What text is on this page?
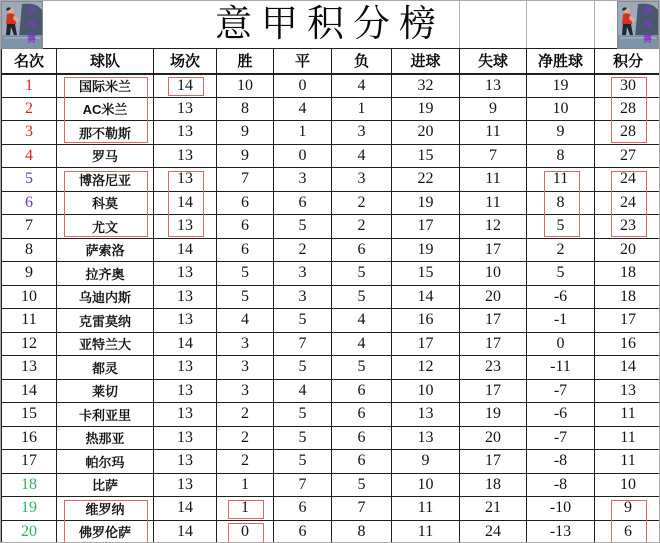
乒
乓
赛	意甲积分榜	乒
乓
赛
名次	球队	场次	胜	平	负	进球	失球	净胜球	积分
1	国际米兰	14	10	0	4	32	13	19	30
2	AC米兰	13	8	4	1	19	9	10	28
3	那不勒斯	13	9	1	3	20	11	9	28
4	罗马	13	9	0	4	15	7	8	27
5	博洛尼亚	13	7	3	3	22	11	11	24
6	科莫	14	6	6	2	19	11	8	24
7	尤文	13	6	5	2	17	12	5	23
8	萨索洛	14	6	2	6	19	17	2	20
9	拉齐奥	13	5	3	5	15	10	5	18
10	乌迪内斯	13	5	3	5	14	20	-6	18
11	克雷莫纳	13	4	5	4	16	17	-1	17
12	亚特兰大	14	3	7	4	17	17	0	16
13	都灵	13	3	5	5	12	23	-11	14
14	莱切	13	3	4	6	10	17	-7	13
15	卡利亚里	13	2	5	6	13	19	-6	11
16	热那亚	13	2	5	6	13	20	-7	11
17	帕尔玛	13	2	5	6	9	17	-8	11
18	比萨	13	1	7	5	10	18	-8	10
19	维罗纳	14	1	6	7	11	21	-10	9
20	佛罗伦萨	14	0	6	8	11	24	-13	6
